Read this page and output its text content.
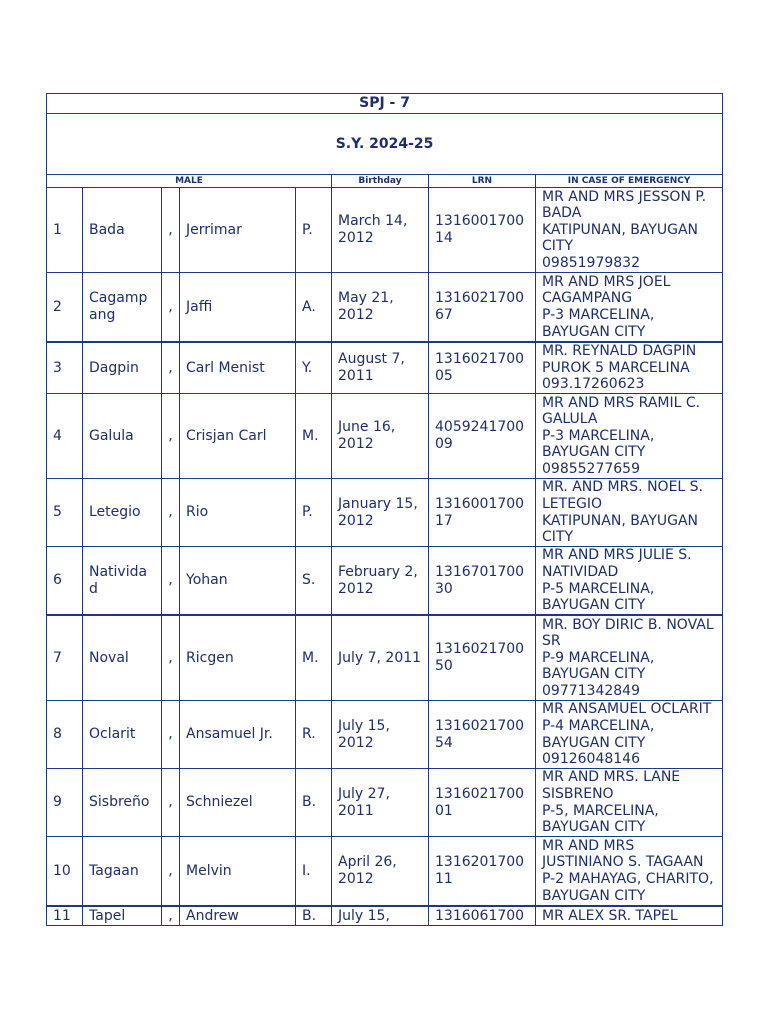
SPJ - 7							
S.Y. 2024-25							
MALE					Birthday	LRN	IN CASE OF EMERGENCY
1	Bada	,	Jerrimar	P.	March 14, 2012	131600170014	MR AND MRS JESSON P. BADA
KATIPUNAN, BAYUGAN CITY
09851979832

2	Cagampang	,	Jaffi	A.	May 21, 2012	131602170067	MR AND MRS JOEL CAGAMPANG
P-3 MARCELINA, BAYUGAN CITY

3	Dagpin	,	Carl Menist	Y.	August 7, 2011	131602170005	MR. REYNALD DAGPIN
PUROK 5 MARCELINA
093.17260623

4	Galula	,	Crisjan Carl	M.	June 16, 2012	405924170009	MR AND MRS RAMIL C. GALULA
P-3 MARCELINA, BAYUGAN CITY
09855277659

5	Letegio	,	Rio	P.	January 15, 2012	131600170017	MR. AND MRS. NOEL S. LETEGIO
KATIPUNAN, BAYUGAN CITY

6	Natividad	,	Yohan	S.	February 2, 2012	131670170030	MR AND MRS JULIE S. NATIVIDAD
P-5 MARCELINA, BAYUGAN CITY

7	Noval	,	Ricgen	M.	July 7, 2011	131602170050	MR. BOY DIRIC B. NOVAL SR
P-9 MARCELINA, BAYUGAN CITY
09771342849

8	Oclarit	,	Ansamuel Jr.	R.	July 15, 2012	131602170054	MR ANSAMUEL OCLARIT
P-4 MARCELINA, BAYUGAN CITY
09126048146

9	Sisbreño	,	Schniezel	B.	July 27, 2011	131602170001	MR AND MRS. LANE SISBRENO
P-5, MARCELINA, BAYUGAN CITY

10	Tagaan	,	Melvin	I.	April 26, 2012	131620170011	MR AND MRS JUSTINIANO S. TAGAAN
P-2 MAHAYAG, CHARITO, BAYUGAN CITY

11	Tapel	,	Andrew	B.	July 15,	1316061700	MR ALEX SR. TAPEL
